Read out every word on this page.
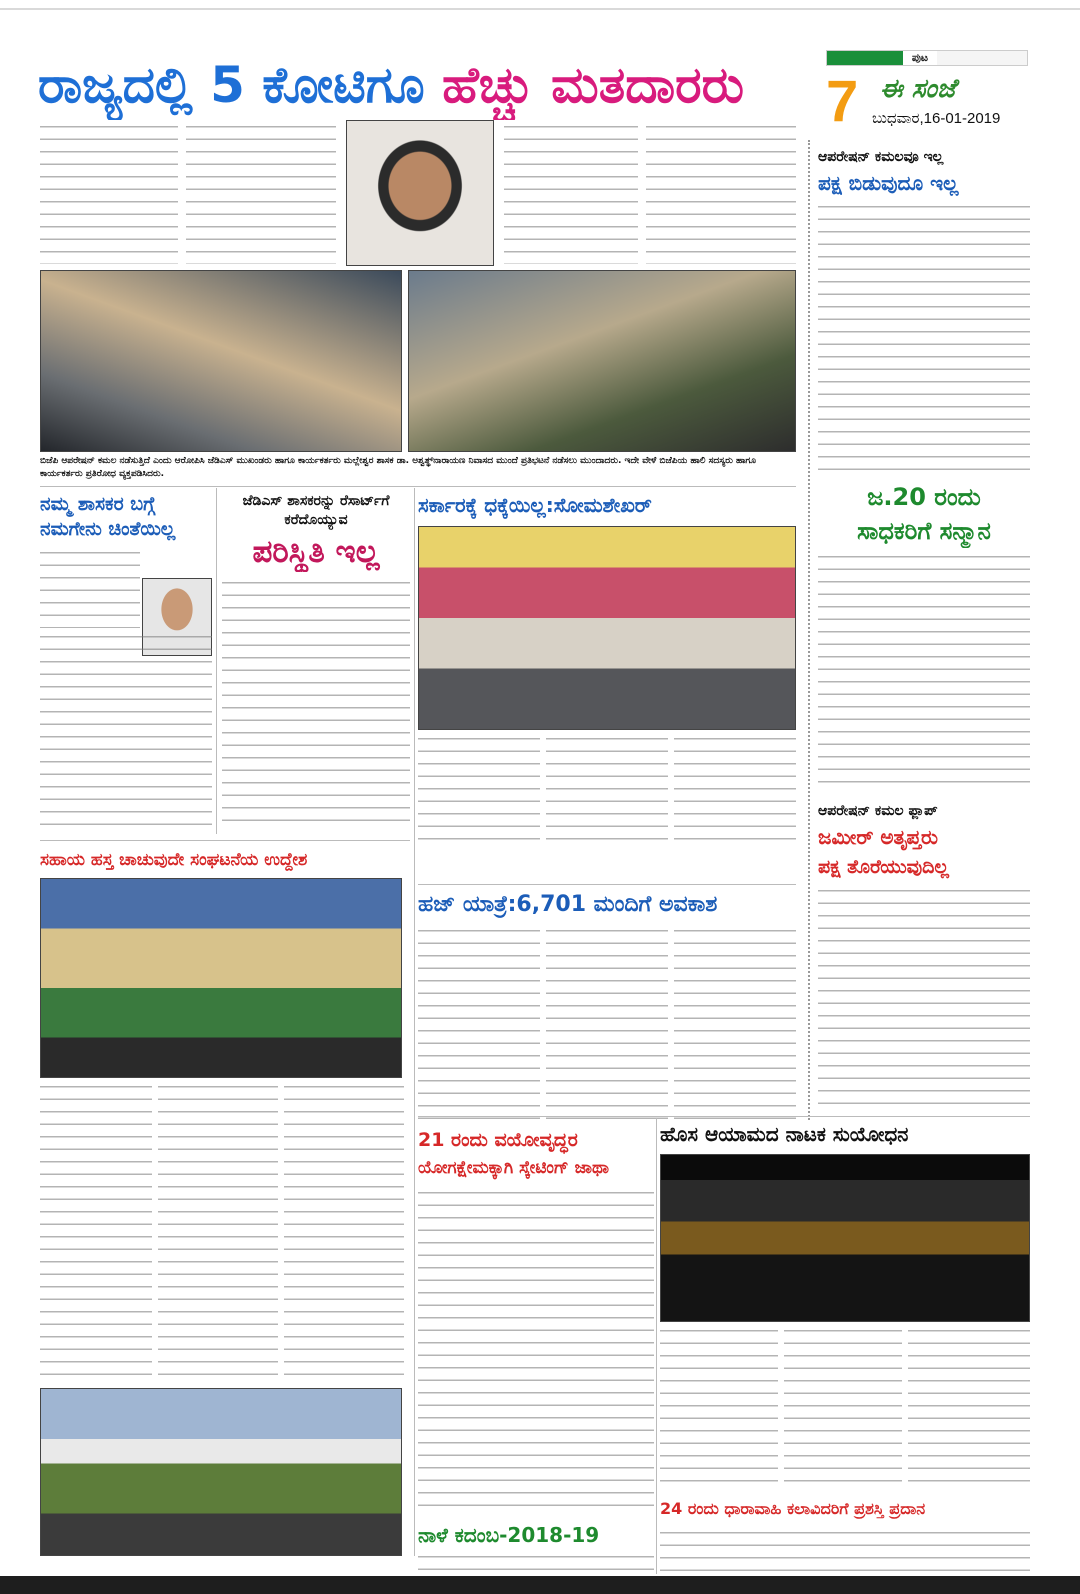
ರಾಜ್ಯದಲ್ಲಿ 5 ಕೋಟಿಗೂ ಹೆಚ್ಚು ಮತದಾರರು	ಪುಟ
7 ಈ ಸಂಜೆ
ಬುಧವಾರ,16-01-2019
ಬಿಜೆಪಿ ಆಪರೇಷನ್ ಕಮಲ ನಡೆಸುತ್ತಿದೆ ಎಂದು ಆರೋಪಿಸಿ ಜೆಡಿಎಸ್ ಮುಖಂಡರು ಹಾಗೂ ಕಾರ್ಯಕರ್ತರು ಮಲ್ಲೇಶ್ವರ ಶಾಸಕ ಡಾ. ಅಶ್ವತ್ಥ್‌ನಾರಾಯಣ ನಿವಾಸದ ಮುಂದೆ ಪ್ರತಿಭಟನೆ ನಡೆಸಲು ಮುಂದಾದರು. ಇದೇ ವೇಳೆ ಬಿಜೆಪಿಯ ಹಾಲಿ ಸದಸ್ಯರು ಹಾಗೂ ಕಾರ್ಯಕರ್ತರು ಪ್ರತಿರೋಧ ವ್ಯಕ್ತಪಡಿಸಿದರು.
ನಮ್ಮ ಶಾಸಕರ ಬಗ್ಗೆ ನಮಗೇನು ಚಿಂತೆಯಿಲ್ಲ
ಜೆಡಿಎಸ್ ಶಾಸಕರನ್ನು ರೆಸಾರ್ಟ್‌ಗೆ ಕರೆದೊಯ್ಯುವ
ಪರಿಸ್ಥಿತಿ ಇಲ್ಲ
ಸರ್ಕಾರಕ್ಕೆ ಧಕ್ಕೆಯಿಲ್ಲ:ಸೋಮಶೇಖರ್
ಸಹಾಯ ಹಸ್ತ ಚಾಚುವುದೇ ಸಂಘಟನೆಯ ಉದ್ದೇಶ
ಹಜ್ ಯಾತ್ರೆ:6,701 ಮಂದಿಗೆ ಅವಕಾಶ
21 ರಂದು ವಯೋವೃದ್ಧರ
ಯೋಗಕ್ಷೇಮಕ್ಕಾಗಿ ಸ್ಕೇಟಿಂಗ್ ಜಾಥಾ
ಹೊಸ ಆಯಾಮದ ನಾಟಕ ಸುಯೋಧನ
24 ರಂದು ಧಾರಾವಾಹಿ ಕಲಾವಿದರಿಗೆ ಪ್ರಶಸ್ತಿ ಪ್ರದಾನ
ನಾಳೆ ಕದಂಬ-2018-19
ಆಪರೇಷನ್ ಕಮಲವೂ ಇಲ್ಲ
ಪಕ್ಷ ಬಿಡುವುದೂ ಇಲ್ಲ
ಜ.20 ರಂದು
ಸಾಧಕರಿಗೆ ಸನ್ಮಾನ
ಆಪರೇಷನ್ ಕಮಲ ಫ್ಲಾಪ್
ಜಮೀರ್ ಅತೃಪ್ತರು
ಪಕ್ಷ ತೊರೆಯುವುದಿಲ್ಲ
